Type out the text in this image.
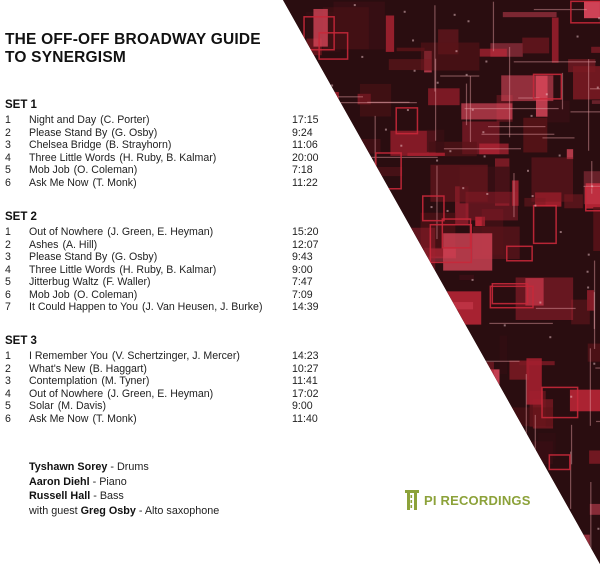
THE OFF-OFF BROADWAY GUIDE
TO SYNERGISM
SET 1
1 Night and Day (C. Porter)	17:15
2 Please Stand By (G. Osby)	9:24
3 Chelsea Bridge (B. Strayhorn)	11:06
4 Three Little Words (H. Ruby, B. Kalmar)	20:00
5 Mob Job (O. Coleman)	7:18
6 Ask Me Now (T. Monk)	11:22
SET 2
1 Out of Nowhere (J. Green, E. Heyman)	15:20
2 Ashes (A. Hill)	12:07
3 Please Stand By (G. Osby)	9:43
4 Three Little Words (H. Ruby, B. Kalmar)	9:00
5 Jitterbug Waltz (F. Waller)	7:47
6 Mob Job (O. Coleman)	7:09
7 It Could Happen to You (J. Van Heusen, J. Burke)	14:39
SET 3
1 I Remember You (V. Schertzinger, J. Mercer)	14:23
2 What's New (B. Haggart)	10:27
3 Contemplation (M. Tyner)	11:41
4 Out of Nowhere (J. Green, E. Heyman)	17:02
5 Solar (M. Davis)	9:00
6 Ask Me Now (T. Monk)	11:40
Tyshawn Sorey - Drums
Aaron Diehl - Piano
Russell Hall - Bass
with guest Greg Osby - Alto saxophone
PI RECORDINGS
